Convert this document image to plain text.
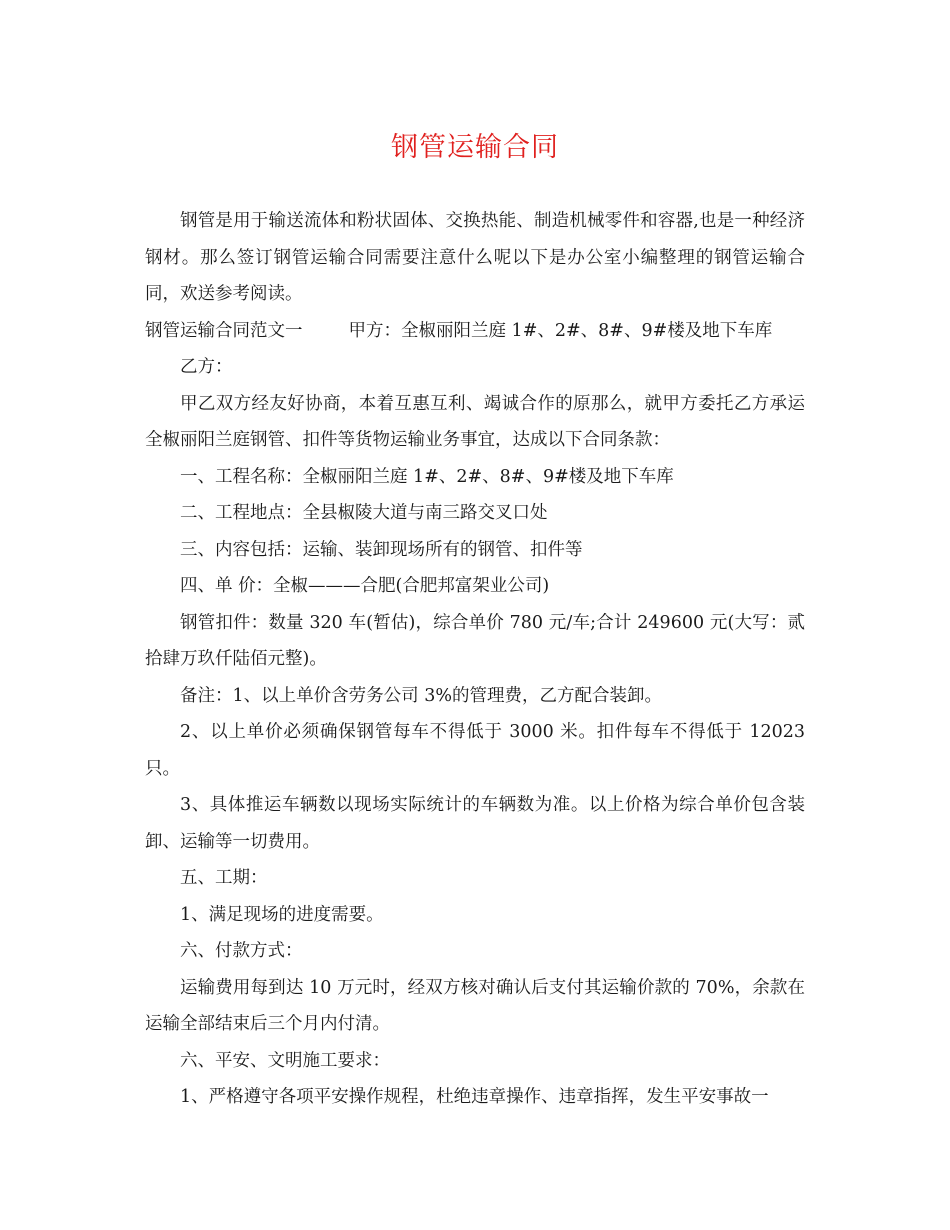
钢管运输合同

钢管是用于输送流体和粉状固体、交换热能、制造机械零件和容器,也是一种经济钢材。那么签订钢管运输合同需要注意什么呢以下是办公室小编整理的钢管运输合同，欢送参考阅读。

钢管运输合同范文一	甲方：全椒丽阳兰庭 1#、2#、8#、9#楼及地下车库

乙方：

甲乙双方经友好协商，本着互惠互利、竭诚合作的原那么，就甲方委托乙方承运全椒丽阳兰庭钢管、扣件等货物运输业务事宜，达成以下合同条款：

一、工程名称：全椒丽阳兰庭 1#、2#、8#、9#楼及地下车库

二、工程地点：全县椒陵大道与南三路交叉口处

三、内容包括：运输、装卸现场所有的钢管、扣件等

四、单 价：全椒———合肥(合肥邦富架业公司)

钢管扣件：数量 320 车(暂估)，综合单价 780 元/车;合计 249600 元(大写：贰拾肆万玖仟陆佰元整)。

备注：1、以上单价含劳务公司 3%的管理费，乙方配合装卸。

2、以上单价必须确保钢管每车不得低于 3000 米。扣件每车不得低于 12023 只。

3、具体推运车辆数以现场实际统计的车辆数为准。以上价格为综合单价包含装卸、运输等一切费用。

五、工期：

1、满足现场的进度需要。

六、付款方式：

运输费用每到达 10 万元时，经双方核对确认后支付其运输价款的 70%，余款在运输全部结束后三个月内付清。

六、平安、文明施工要求：

1、严格遵守各项平安操作规程，杜绝违章操作、违章指挥，发生平安事故一
